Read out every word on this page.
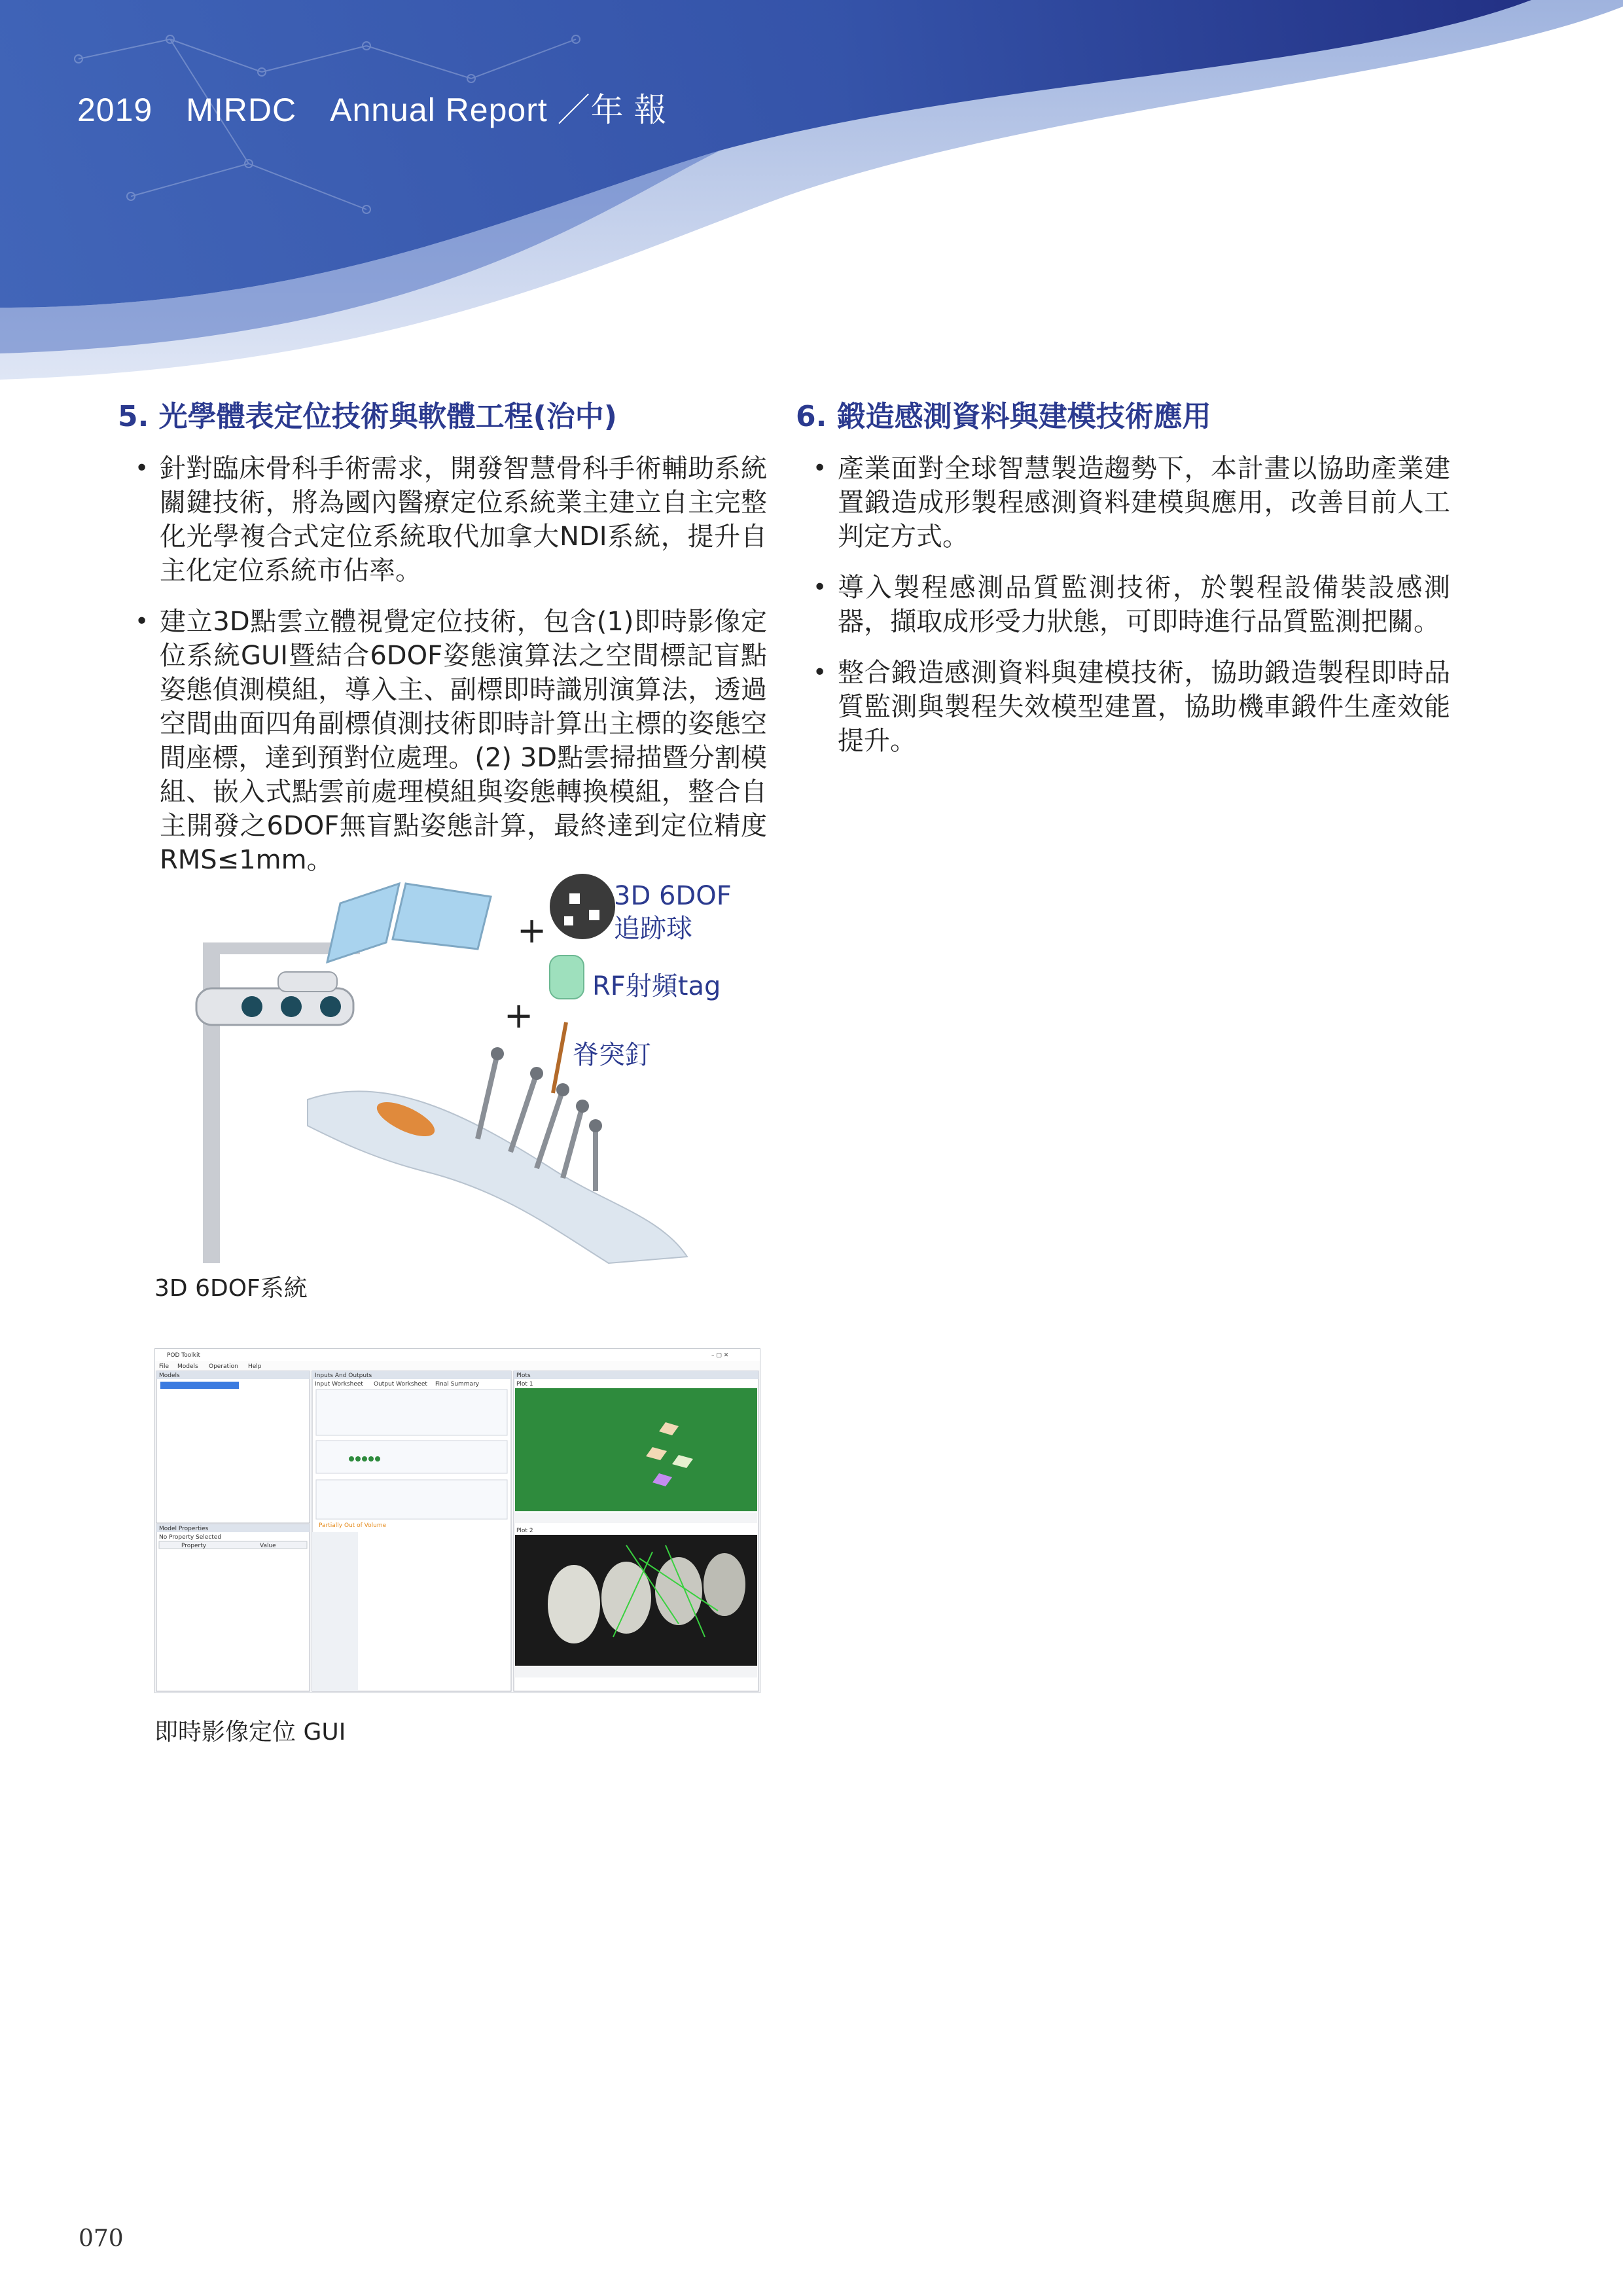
2019　MIRDC　Annual Report ／年 報
5. 光學體表定位技術與軟體工程(治中)
• 針對臨床骨科手術需求，開發智慧骨科手術輔助系統關鍵技術，將為國內醫療定位系統業主建立自主完整化光學複合式定位系統取代加拿大NDI系統，提升自主化定位系統市佔率。
• 建立3D點雲立體視覺定位技術，包含(1)即時影像定位系統GUI暨結合6DOF姿態演算法之空間標記盲點姿態偵測模組，導入主、副標即時識別演算法，透過空間曲面四角副標偵測技術即時計算出主標的姿態空間座標，達到預對位處理。(2) 3D點雲掃描暨分割模組、嵌入式點雲前處理模組與姿態轉換模組，整合自主開發之6DOF無盲點姿態計算，最終達到定位精度RMS≤1mm。
6. 鍛造感測資料與建模技術應用
• 產業面對全球智慧製造趨勢下，本計畫以協助產業建置鍛造成形製程感測資料建模與應用，改善目前人工判定方式。
• 導入製程感測品質監測技術，於製程設備裝設感測器，擷取成形受力狀態，可即時進行品質監測把關。
• 整合鍛造感測資料與建模技術，協助鍛造製程即時品質監測與製程失效模型建置，協助機車鍛件生產效能提升。
+
3D 6DOF
追跡球
+
RF射頻tag
脊突釘
3D 6DOF系統
POD Toolkit	– ▢ ✕
File Models Operation Help
Models
Model Properties
No Property Selected
Property	Value
Inputs And Outputs
Input Worksheet Output Worksheet Final Summary
Partially Out of Volume
Plots
Plot 1
Plot 2
即時影像定位 GUI
070
